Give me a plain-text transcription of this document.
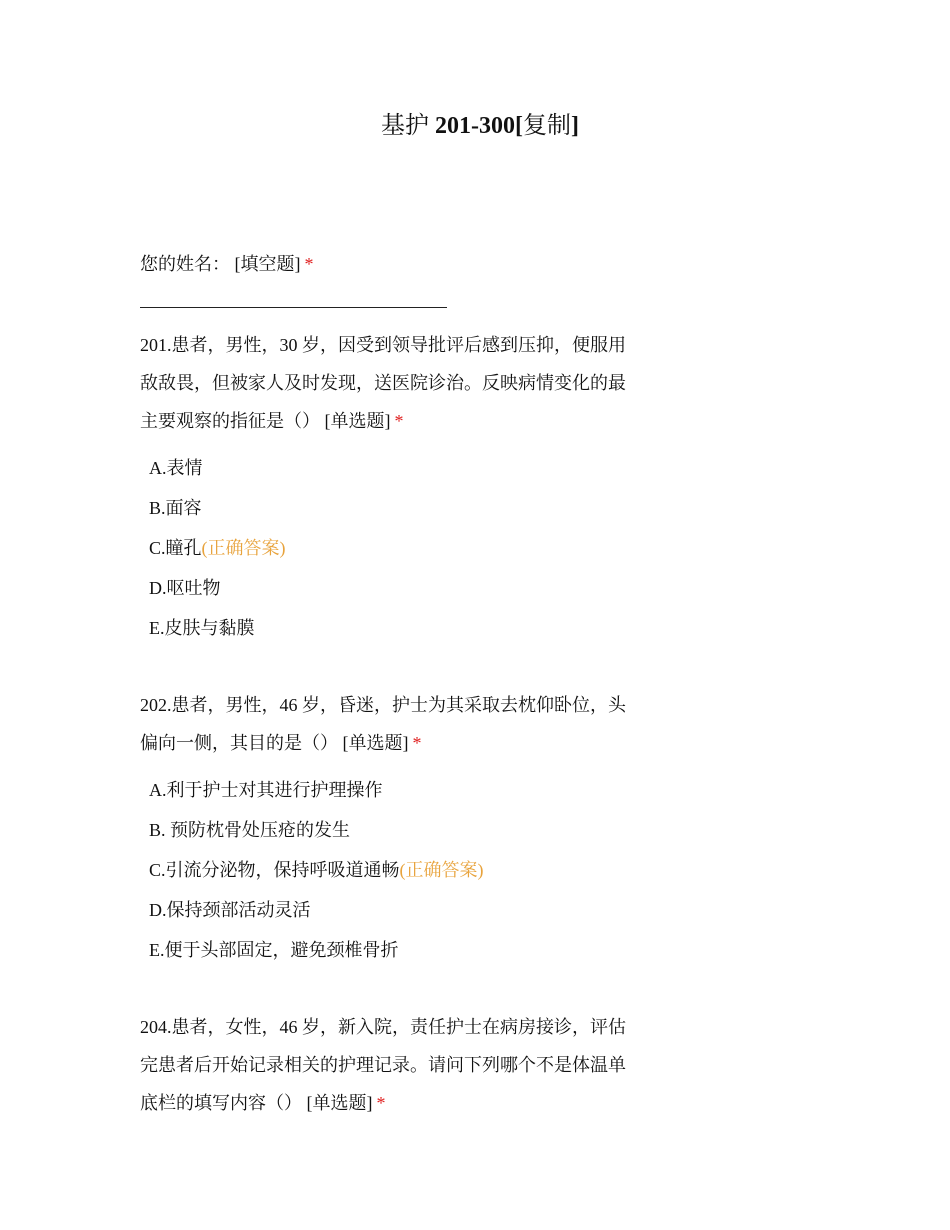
基护 201-300[复制]

您的姓名： [填空题] *

201.患者，男性，30 岁，因受到领导批评后感到压抑，便服用敌敌畏，但被家人及时发现，送医院诊治。反映病情变化的最主要观察的指征是（） [单选题] *

A.表情
B.面容
C.瞳孔(正确答案)
D.呕吐物
E.皮肤与黏膜

202.患者，男性，46 岁，昏迷，护士为其采取去枕仰卧位，头偏向一侧，其目的是（） [单选题] *

A.利于护士对其进行护理操作
B. 预防枕骨处压疮的发生
C.引流分泌物，保持呼吸道通畅(正确答案)
D.保持颈部活动灵活
E.便于头部固定，避免颈椎骨折

204.患者，女性，46 岁，新入院，责任护士在病房接诊，评估完患者后开始记录相关的护理记录。请问下列哪个不是体温单底栏的填写内容（） [单选题] *
